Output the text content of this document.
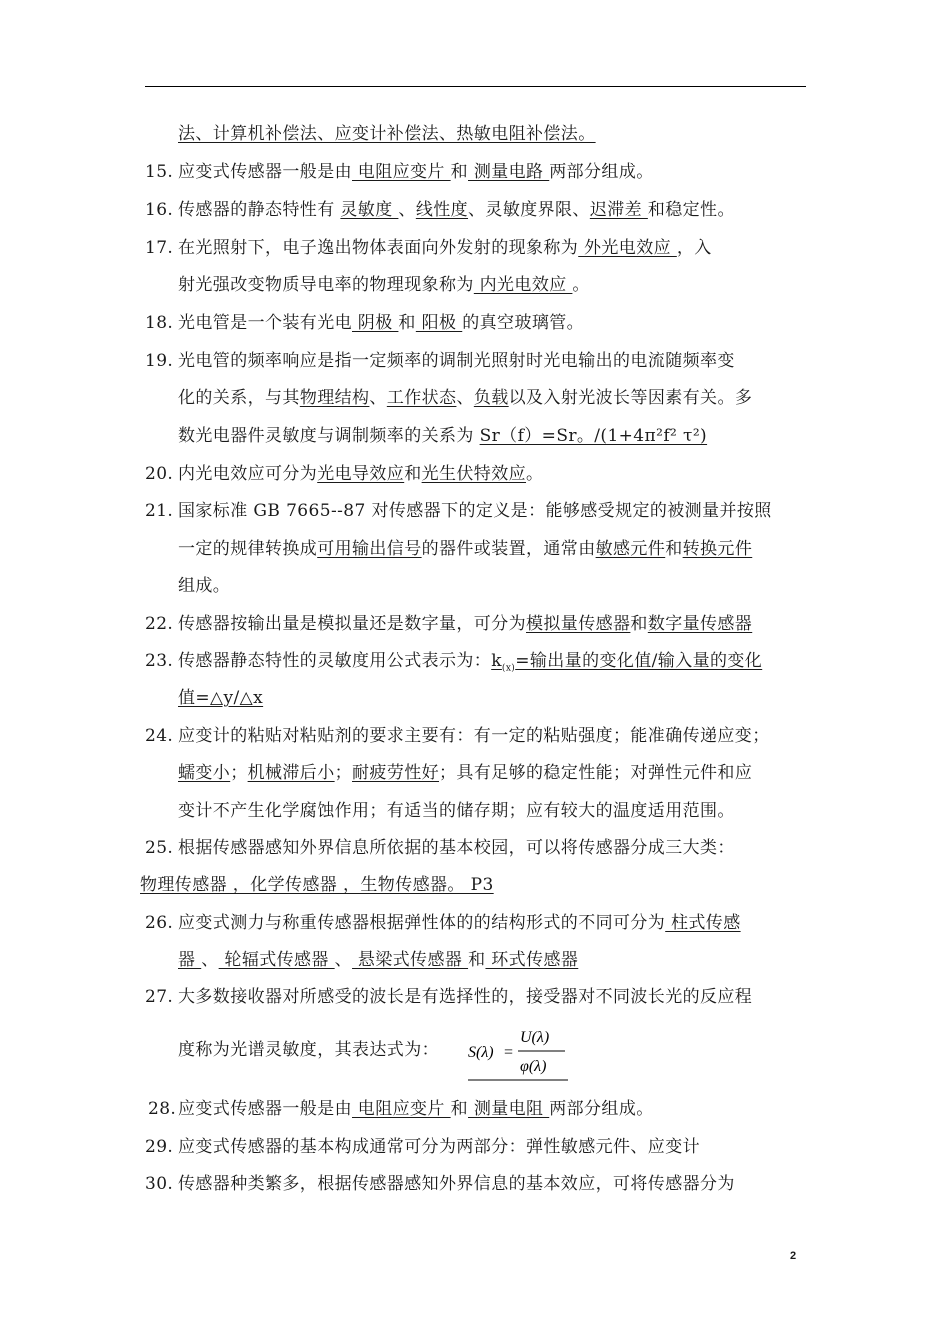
法、计算机补偿法、应变计补偿法、热敏电阻补偿法。
15. 应变式传感器一般是由 电阻应变片 和 测量电路 两部分组成。
16. 传感器的静态特性有 灵敏度 、线性度、灵敏度界限、迟滞差 和稳定性。
17. 在光照射下，电子逸出物体表面向外发射的现象称为 外光电效应 ，入
射光强改变物质导电率的物理现象称为 内光电效应 。
18. 光电管是一个装有光电 阴极 和 阳极 的真空玻璃管。
19. 光电管的频率响应是指一定频率的调制光照射时光电输出的电流随频率变
化的关系，与其物理结构、工作状态、负载以及入射光波长等因素有关。多
数光电器件灵敏度与调制频率的关系为 Sr（f）=Sr。/(1+4π²f² τ²)
20. 内光电效应可分为光电导效应和光生伏特效应。
21. 国家标准 GB 7665--87 对传感器下的定义是：能够感受规定的被测量并按照
一定的规律转换成可用输出信号的器件或装置，通常由敏感元件和转换元件
组成。
22. 传感器按输出量是模拟量还是数字量，可分为模拟量传感器和数字量传感器
23. 传感器静态特性的灵敏度用公式表示为：$k_{(x)}=$输出量的变化值/输入量的变化
值=△y/△x
24. 应变计的粘贴对粘贴剂的要求主要有：有一定的粘贴强度；能准确传递应变；
蠕变小；机械滞后小；耐疲劳性好；具有足够的稳定性能；对弹性元件和应
变计不产生化学腐蚀作用；有适当的储存期；应有较大的温度适用范围。
25. 根据传感器感知外界信息所依据的基本校园，可以将传感器分成三大类：
物理传感器 ，化学传感器 ，生物传感器。 P3
26. 应变式测力与称重传感器根据弹性体的的结构形式的不同可分为 柱式传感
器 、 轮辐式传感器 、 悬梁式传感器 和 环式传感器
27. 大多数接收器对所感受的波长是有选择性的，接受器对不同波长光的反应程
28. 应变式传感器一般是由 电阻应变片 和 测量电阻 两部分组成。
29. 应变式传感器的基本构成通常可分为两部分：弹性敏感元件、应变计
30. 传感器种类繁多，根据传感器感知外界信息的基本效应，可将传感器分为
度称为光谱灵敏度，其表达式为： S(λ) =
U(λ)
φ(λ)
2
